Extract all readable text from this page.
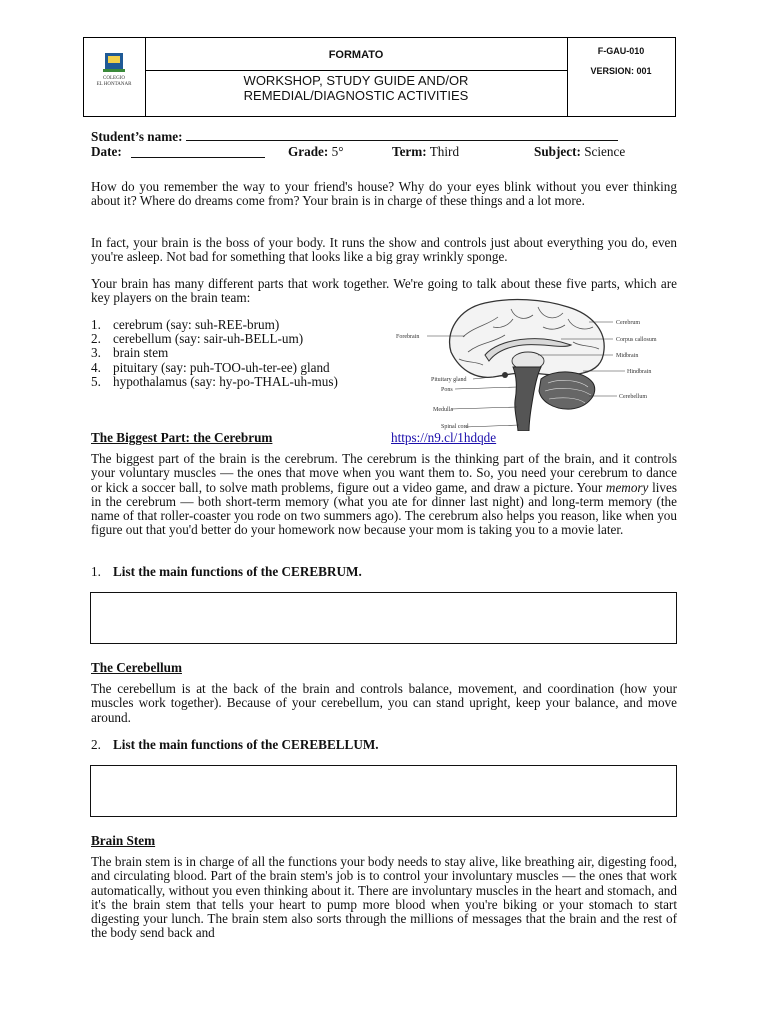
COLEGIO
EL HONTANAR
FORMATO
WORKSHOP, STUDY GUIDE AND/OR
REMEDIAL/DIAGNOSTIC ACTIVITIES
F-GAU-010
VERSION: 001
Student’s name:
Date:	Grade: 5°	Term: Third	Subject: Science
How do you remember the way to your friend's house? Why do your eyes blink without you ever thinking about it? Where do dreams come from? Your brain is in charge of these things and a lot more.
In fact, your brain is the boss of your body. It runs the show and controls just about everything you do, even you're asleep. Not bad for something that looks like a big gray wrinkly sponge.
Your brain has many different parts that work together. We're going to talk about these five parts, which are key players on the brain team:
1. cerebrum (say: suh-REE-brum)
2. cerebellum (say: sair-uh-BELL-um)
3. brain stem
4. pituitary (say: puh-TOO-uh-ter-ee) gland
5. hypothalamus (say: hy-po-THAL-uh-mus)
Forebrain
Cerebrum
Corpus callosum
Midbrain
Hindbrain
Cerebellum
Pituitary gland
Pons
Medulla
Spinal cord
The Biggest Part: the Cerebrum	https://n9.cl/1hdqde
The biggest part of the brain is the cerebrum. The cerebrum is the thinking part of the brain, and it controls your voluntary muscles — the ones that move when you want them to. So, you need your cerebrum to dance or kick a soccer ball, to solve math problems, figure out a video game, and draw a picture. Your memory lives in the cerebrum — both short-term memory (what you ate for dinner last night) and long-term memory (the name of that roller-coaster you rode on two summers ago). The cerebrum also helps you reason, like when you figure out that you'd better do your homework now because your mom is taking you to a movie later.
1. List the main functions of the CEREBRUM.
The Cerebellum
The cerebellum is at the back of the brain and controls balance, movement, and coordination (how your muscles work together). Because of your cerebellum, you can stand upright, keep your balance, and move around.
2. List the main functions of the CEREBELLUM.
Brain Stem
The brain stem is in charge of all the functions your body needs to stay alive, like breathing air, digesting food, and circulating blood. Part of the brain stem's job is to control your involuntary muscles — the ones that work automatically, without you even thinking about it. There are involuntary muscles in the heart and stomach, and it's the brain stem that tells your heart to pump more blood when you're biking or your stomach to start digesting your lunch. The brain stem also sorts through the millions of messages that the brain and the rest of the body send back and
